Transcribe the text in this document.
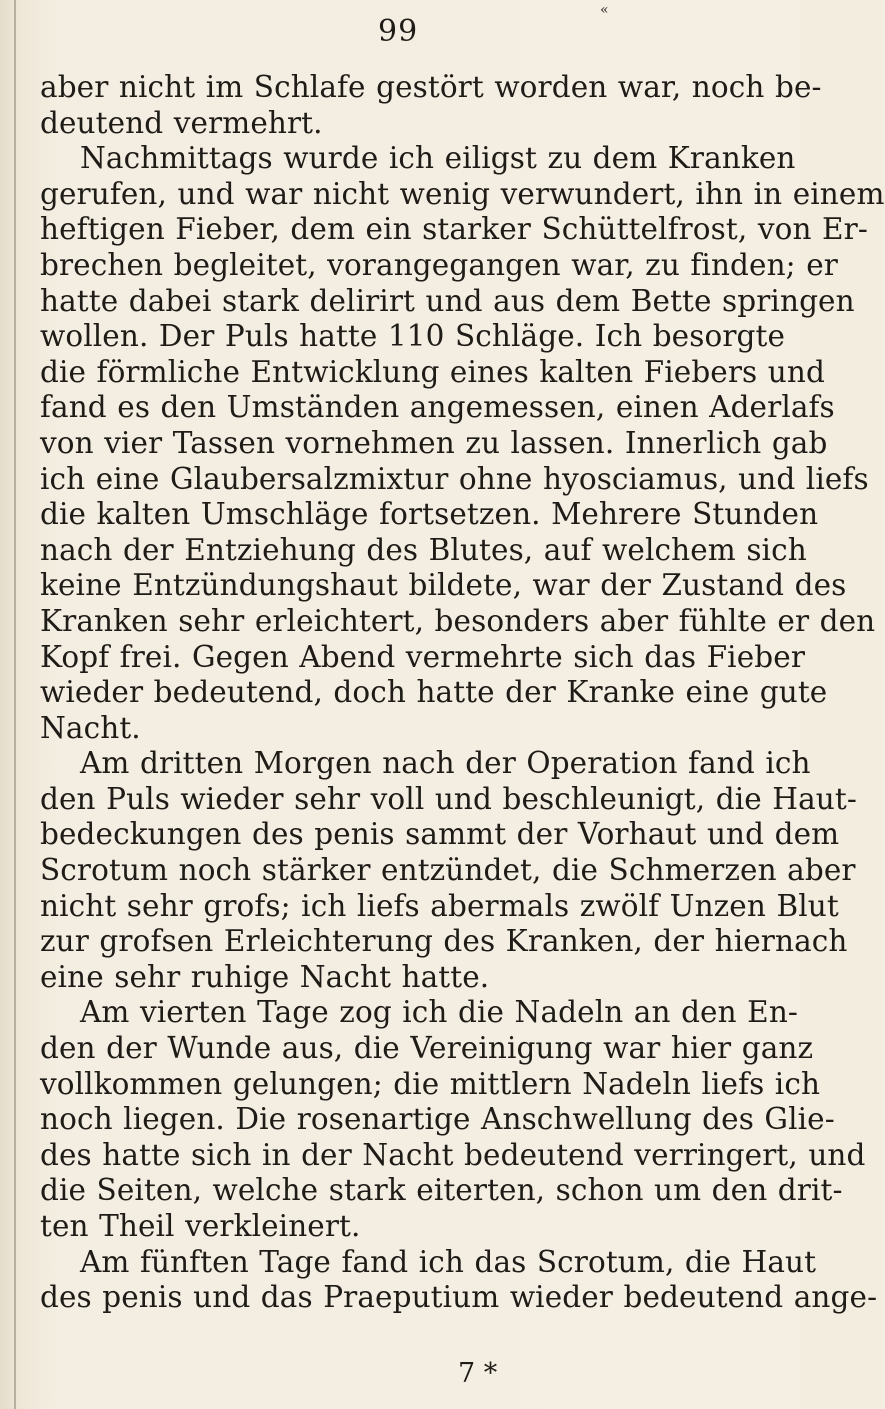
«
99
aber nicht im Schlafe gestört worden war, noch be-
deutend vermehrt.
Nachmittags wurde ich eiligst zu dem Kranken
gerufen, und war nicht wenig verwundert, ihn in einem
heftigen Fieber, dem ein starker Schüttelfrost, von Er-
brechen begleitet, vorangegangen war, zu finden; er
hatte dabei stark delirirt und aus dem Bette springen
wollen. Der Puls hatte 110 Schläge. Ich besorgte
die förmliche Entwicklung eines kalten Fiebers und
fand es den Umständen angemessen, einen Aderlafs
von vier Tassen vornehmen zu lassen. Innerlich gab
ich eine Glaubersalzmixtur ohne hyosciamus, und liefs
die kalten Umschläge fortsetzen. Mehrere Stunden
nach der Entziehung des Blutes, auf welchem sich
keine Entzündungshaut bildete, war der Zustand des
Kranken sehr erleichtert, besonders aber fühlte er den
Kopf frei. Gegen Abend vermehrte sich das Fieber
wieder bedeutend, doch hatte der Kranke eine gute
Nacht.
Am dritten Morgen nach der Operation fand ich
den Puls wieder sehr voll und beschleunigt, die Haut-
bedeckungen des penis sammt der Vorhaut und dem
Scrotum noch stärker entzündet, die Schmerzen aber
nicht sehr grofs; ich liefs abermals zwölf Unzen Blut
zur grofsen Erleichterung des Kranken, der hiernach
eine sehr ruhige Nacht hatte.
Am vierten Tage zog ich die Nadeln an den En-
den der Wunde aus, die Vereinigung war hier ganz
vollkommen gelungen; die mittlern Nadeln liefs ich
noch liegen. Die rosenartige Anschwellung des Glie-
des hatte sich in der Nacht bedeutend verringert, und
die Seiten, welche stark eiterten, schon um den drit-
ten Theil verkleinert.
Am fünften Tage fand ich das Scrotum, die Haut
des penis und das Praeputium wieder bedeutend ange-
7 *
